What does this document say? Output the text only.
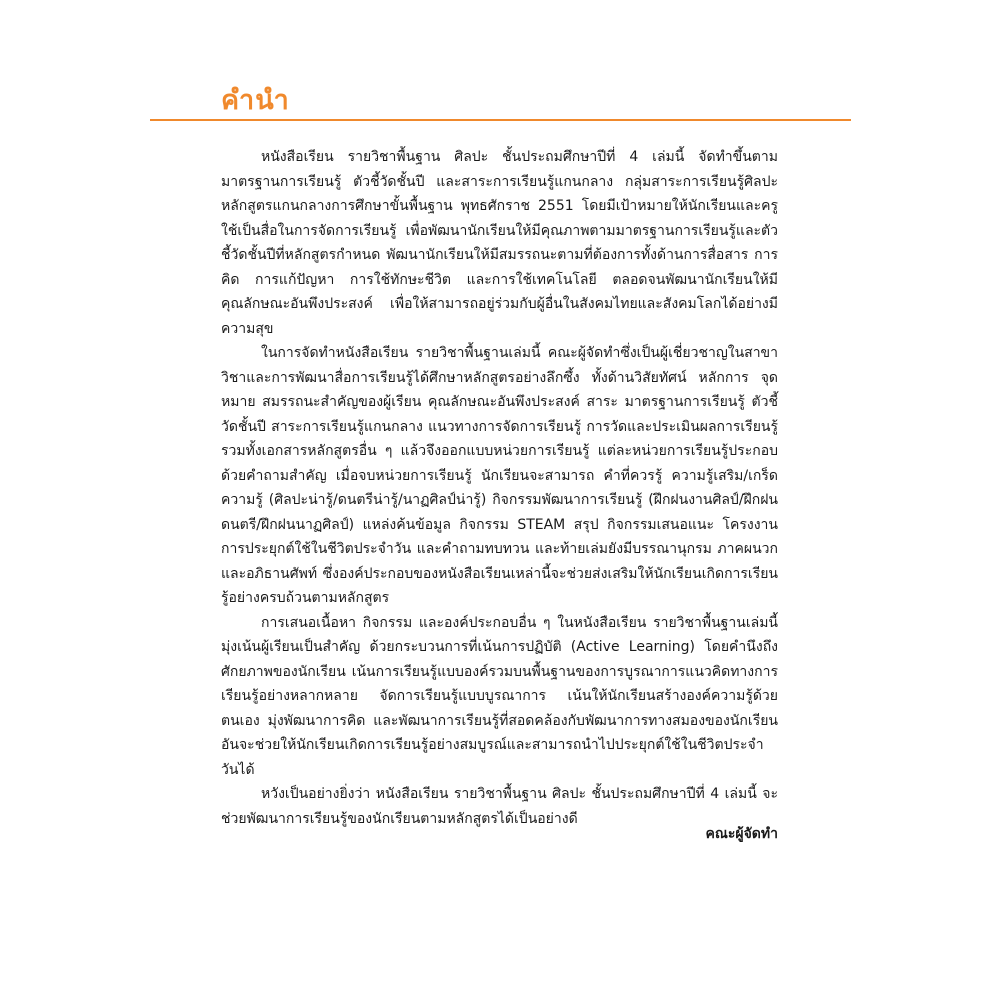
คำนำ

หนังสือเรียน รายวิชาพื้นฐาน ศิลปะ ชั้นประถมศึกษาปีที่ 4 เล่มนี้ จัดทำขึ้นตามมาตรฐานการเรียนรู้ ตัวชี้วัดชั้นปี และสาระการเรียนรู้แกนกลาง กลุ่มสาระการเรียนรู้ศิลปะ หลักสูตรแกนกลางการศึกษาขั้นพื้นฐาน พุทธศักราช 2551 โดยมีเป้าหมายให้นักเรียนและครูใช้เป็นสื่อในการจัดการเรียนรู้ เพื่อพัฒนานักเรียนให้มีคุณภาพตามมาตรฐานการเรียนรู้และตัวชี้วัดชั้นปีที่หลักสูตรกำหนด พัฒนานักเรียนให้มีสมรรถนะตามที่ต้องการทั้งด้านการสื่อสาร การคิด การแก้ปัญหา การใช้ทักษะชีวิต และการใช้เทคโนโลยี ตลอดจนพัฒนานักเรียนให้มีคุณลักษณะอันพึงประสงค์ เพื่อให้สามารถอยู่ร่วมกับผู้อื่นในสังคมไทยและสังคมโลกได้อย่างมีความสุข

ในการจัดทำหนังสือเรียน รายวิชาพื้นฐานเล่มนี้ คณะผู้จัดทำซึ่งเป็นผู้เชี่ยวชาญในสาขาวิชาและการพัฒนาสื่อการเรียนรู้ได้ศึกษาหลักสูตรอย่างลึกซึ้ง ทั้งด้านวิสัยทัศน์ หลักการ จุดหมาย สมรรถนะสำคัญของผู้เรียน คุณลักษณะอันพึงประสงค์ สาระ มาตรฐานการเรียนรู้ ตัวชี้วัดชั้นปี สาระการเรียนรู้แกนกลาง แนวทางการจัดการเรียนรู้ การวัดและประเมินผลการเรียนรู้ รวมทั้งเอกสารหลักสูตรอื่น ๆ แล้วจึงออกแบบหน่วยการเรียนรู้ แต่ละหน่วยการเรียนรู้ประกอบด้วยคำถามสำคัญ เมื่อจบหน่วยการเรียนรู้ นักเรียนจะสามารถ คำที่ควรรู้ ความรู้เสริม/เกร็ดความรู้ (ศิลปะน่ารู้/ดนตรีน่ารู้/นาฏศิลป์น่ารู้) กิจกรรมพัฒนาการเรียนรู้ (ฝึกฝนงานศิลป์/ฝึกฝนดนตรี/ฝึกฝนนาฏศิลป์) แหล่งค้นข้อมูล กิจกรรม STEAM สรุป กิจกรรมเสนอแนะ โครงงาน การประยุกต์ใช้ในชีวิตประจำวัน และคำถามทบทวน และท้ายเล่มยังมีบรรณานุกรม ภาคผนวก และอภิธานศัพท์ ซึ่งองค์ประกอบของหนังสือเรียนเหล่านี้จะช่วยส่งเสริมให้นักเรียนเกิดการเรียนรู้อย่างครบถ้วนตามหลักสูตร

การเสนอเนื้อหา กิจกรรม และองค์ประกอบอื่น ๆ ในหนังสือเรียน รายวิชาพื้นฐานเล่มนี้ มุ่งเน้นผู้เรียนเป็นสำคัญ ด้วยกระบวนการที่เน้นการปฏิบัติ (Active Learning) โดยคำนึงถึงศักยภาพของนักเรียน เน้นการเรียนรู้แบบองค์รวมบนพื้นฐานของการบูรณาการแนวคิดทางการเรียนรู้อย่างหลากหลาย จัดการเรียนรู้แบบบูรณาการ เน้นให้นักเรียนสร้างองค์ความรู้ด้วยตนเอง มุ่งพัฒนาการคิด และพัฒนาการเรียนรู้ที่สอดคล้องกับพัฒนาการทางสมองของนักเรียน อันจะช่วยให้นักเรียนเกิดการเรียนรู้อย่างสมบูรณ์และสามารถนำไปประยุกต์ใช้ในชีวิตประจำวันได้

หวังเป็นอย่างยิ่งว่า หนังสือเรียน รายวิชาพื้นฐาน ศิลปะ ชั้นประถมศึกษาปีที่ 4 เล่มนี้ จะช่วยพัฒนาการเรียนรู้ของนักเรียนตามหลักสูตรได้เป็นอย่างดี

คณะผู้จัดทำ
